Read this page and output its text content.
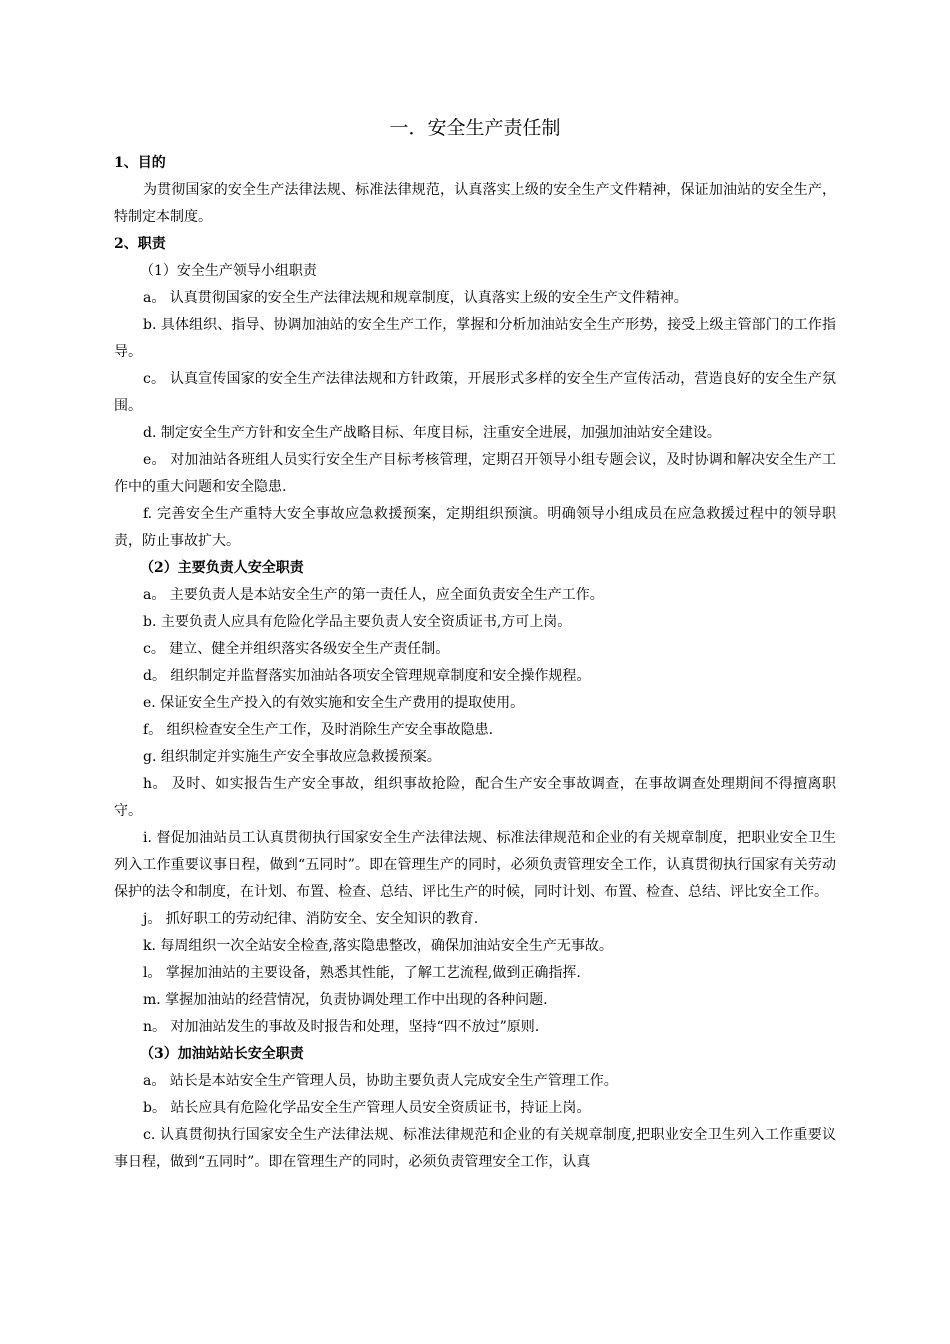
一．安全生产责任制
1、目的
为贯彻国家的安全生产法律法规、标准法律规范，认真落实上级的安全生产文件精神，保证加油站的安全生产，特制定本制度。
2、职责
（1）安全生产领导小组职责
a。 认真贯彻国家的安全生产法律法规和规章制度，认真落实上级的安全生产文件精神。
b. 具体组织、指导、协调加油站的安全生产工作，掌握和分析加油站安全生产形势，接受上级主管部门的工作指导。
c。 认真宣传国家的安全生产法律法规和方针政策，开展形式多样的安全生产宣传活动，营造良好的安全生产氛围。
d. 制定安全生产方针和安全生产战略目标、年度目标，注重安全进展，加强加油站安全建设。
e。 对加油站各班组人员实行安全生产目标考核管理，定期召开领导小组专题会议，及时协调和解决安全生产工作中的重大问题和安全隐患.
f. 完善安全生产重特大安全事故应急救援预案，定期组织预演。明确领导小组成员在应急救援过程中的领导职责，防止事故扩大。
（2）主要负责人安全职责
a。 主要负责人是本站安全生产的第一责任人，应全面负责安全生产工作。
b. 主要负责人应具有危险化学品主要负责人安全资质证书,方可上岗。
c。 建立、健全并组织落实各级安全生产责任制。
d。 组织制定并监督落实加油站各项安全管理规章制度和安全操作规程。
e. 保证安全生产投入的有效实施和安全生产费用的提取使用。
f。 组织检查安全生产工作，及时消除生产安全事故隐患.
g. 组织制定并实施生产安全事故应急救援预案。
h。 及时、如实报告生产安全事故，组织事故抢险，配合生产安全事故调查，在事故调查处理期间不得擅离职守。
i. 督促加油站员工认真贯彻执行国家安全生产法律法规、标准法律规范和企业的有关规章制度，把职业安全卫生列入工作重要议事日程，做到“五同时”。即在管理生产的同时，必须负责管理安全工作，认真贯彻执行国家有关劳动保护的法令和制度，在计划、布置、检查、总结、评比生产的时候，同时计划、布置、检查、总结、评比安全工作。
j。 抓好职工的劳动纪律、消防安全、安全知识的教育.
k. 每周组织一次全站安全检查,落实隐患整改，确保加油站安全生产无事故。
l。 掌握加油站的主要设备，熟悉其性能，了解工艺流程,做到正确指挥.
m. 掌握加油站的经营情况，负责协调处理工作中出现的各种问题.
n。 对加油站发生的事故及时报告和处理，坚持“四不放过”原则.
（3）加油站站长安全职责
a。 站长是本站安全生产管理人员，协助主要负责人完成安全生产管理工作。
b。 站长应具有危险化学品安全生产管理人员安全资质证书，持证上岗。
c. 认真贯彻执行国家安全生产法律法规、标准法律规范和企业的有关规章制度,把职业安全卫生列入工作重要议事日程，做到“五同时”。即在管理生产的同时，必须负责管理安全工作，认真
